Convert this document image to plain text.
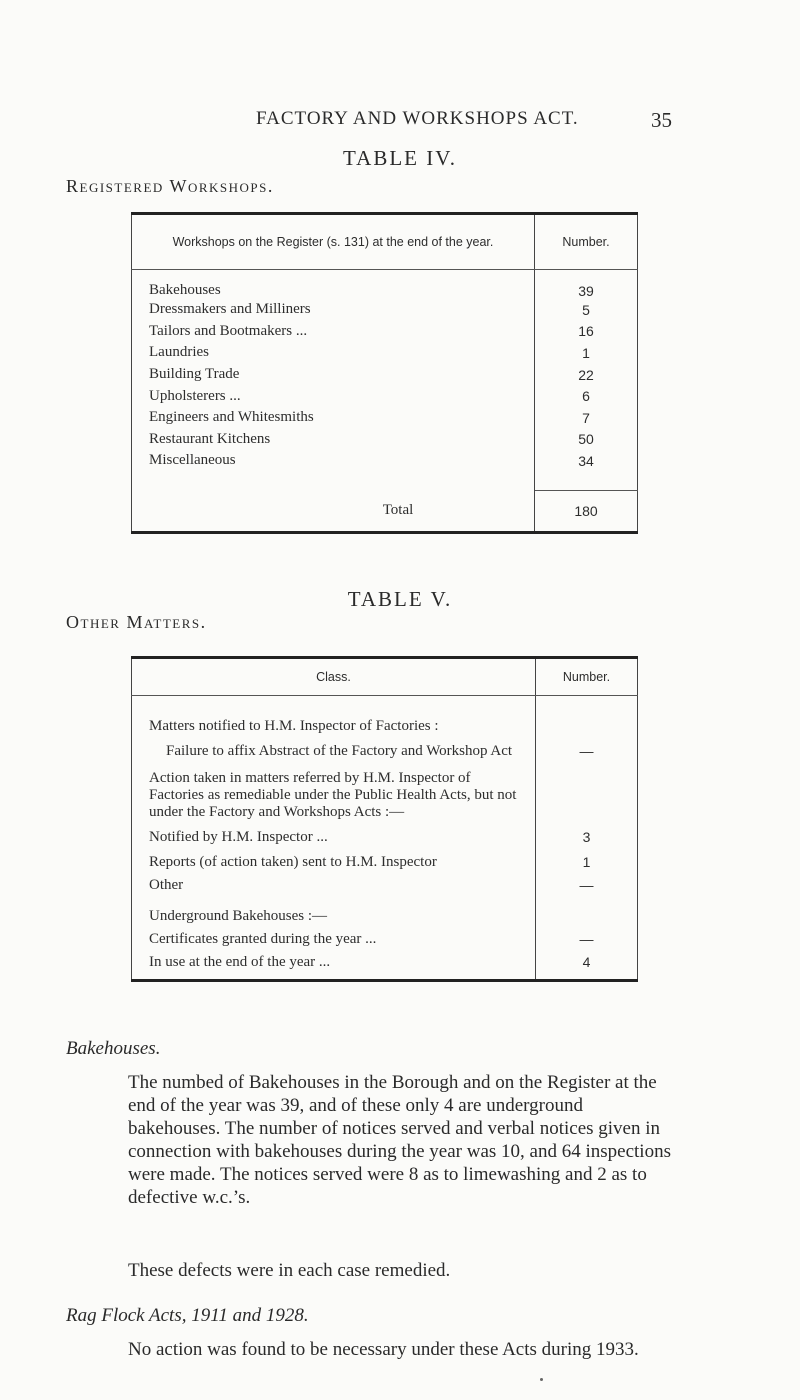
FACTORY AND WORKSHOPS ACT.	35
TABLE IV.
Registered Workshops.
Workshops on the Register (s. 131) at the end of the year.	Number.
Bakehouses	39
Dressmakers and Milliners	5
Tailors and Bootmakers ...	16
Laundries	1
Building Trade	22
Upholsterers ...	6
Engineers and Whitesmiths	7
Restaurant Kitchens	50
Miscellaneous	34

Total	180
TABLE V.
Other Matters.
Class.	Number.
Matters notified to H.M. Inspector of Factories :	
Failure to affix Abstract of the Factory and Workshop Act	—
Action taken in matters referred by H.M. Inspector of Factories as remediable under the Public Health Acts, but not under the Factory and Workshops Acts :—	
Notified by H.M. Inspector ...	3
Reports (of action taken) sent to H.M. Inspector	1
Other	—
Underground Bakehouses :—	
Certificates granted during the year ...	—
In use at the end of the year ...	4
Bakehouses.
The numbed of Bakehouses in the Borough and on the Register at the end of the year was 39, and of these only 4 are underground bakehouses. The number of notices served and verbal notices given in connection with bakehouses during the year was 10, and 64 inspections were made. The notices served were 8 as to limewashing and 2 as to defective w.c.’s.
These defects were in each case remedied.
Rag Flock Acts, 1911 and 1928.
No action was found to be necessary under these Acts during 1933.
